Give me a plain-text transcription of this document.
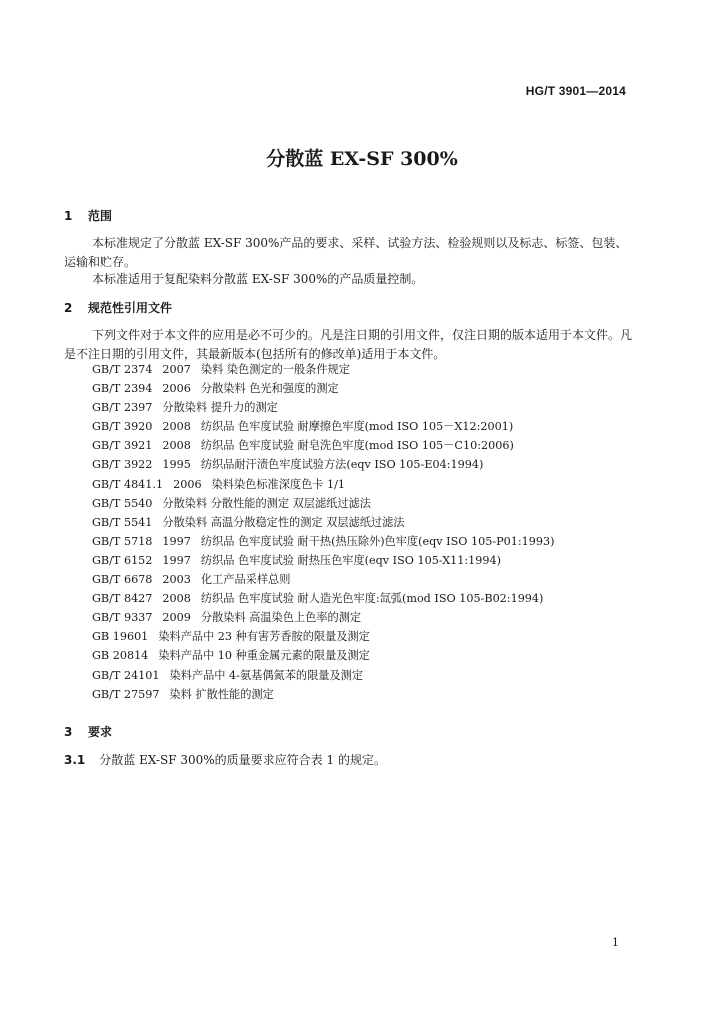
HG/T 3901—2014
分散蓝 EX-SF 300%
1 范围

本标准规定了分散蓝 EX-SF 300%产品的要求、采样、试验方法、检验规则以及标志、标签、包装、运输和贮存。

本标准适用于复配染料分散蓝 EX-SF 300%的产品质量控制。

2 规范性引用文件

下列文件对于本文件的应用是必不可少的。凡是注日期的引用文件，仅注日期的版本适用于本文件。凡是不注日期的引用文件，其最新版本(包括所有的修改单)适用于本文件。

GB/T 2374 2007 染料 染色测定的一般条件规定
GB/T 2394 2006 分散染料 色光和强度的测定
GB/T 2397 分散染料 提升力的测定
GB/T 3920 2008 纺织品 色牢度试验 耐摩擦色牢度(mod ISO 105－X12:2001)
GB/T 3921 2008 纺织品 色牢度试验 耐皂洗色牢度(mod ISO 105－C10:2006)
GB/T 3922 1995 纺织品耐汗渍色牢度试验方法(eqv ISO 105-E04:1994)
GB/T 4841.1 2006 染料染色标准深度色卡 1/1
GB/T 5540 分散染料 分散性能的测定 双层滤纸过滤法
GB/T 5541 分散染料 高温分散稳定性的测定 双层滤纸过滤法
GB/T 5718 1997 纺织品 色牢度试验 耐干热(热压除外)色牢度(eqv ISO 105-P01:1993)
GB/T 6152 1997 纺织品 色牢度试验 耐热压色牢度(eqv ISO 105-X11:1994)
GB/T 6678 2003 化工产品采样总则
GB/T 8427 2008 纺织品 色牢度试验 耐人造光色牢度:氙弧(mod ISO 105-B02:1994)
GB/T 9337 2009 分散染料 高温染色上色率的测定
GB 19601 染料产品中 23 种有害芳香胺的限量及测定
GB 20814 染料产品中 10 种重金属元素的限量及测定
GB/T 24101 染料产品中 4-氨基偶氮苯的限量及测定
GB/T 27597 染料 扩散性能的测定
3 要求
3.1 分散蓝 EX-SF 300%的质量要求应符合表 1 的规定。
1
